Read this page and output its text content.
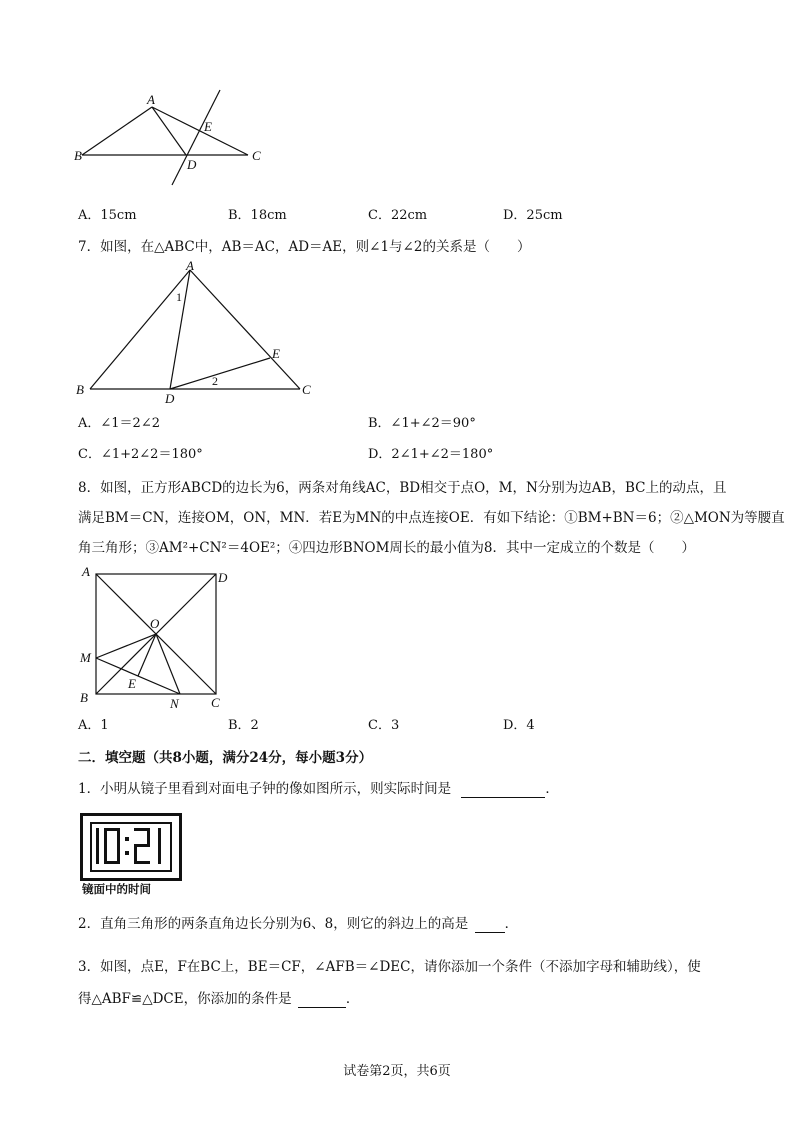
A
B	C
D
E
A．15cm	B．18cm	C．22cm	D．25cm
7．如图，在△ABC中，AB＝AC，AD＝AE，则∠1与∠2的关系是（　　）
A
B	C
D
E
1
2
A．∠1＝2∠2	B．∠1+∠2＝90°
C．∠1+2∠2＝180°	D．2∠1+∠2＝180°
8．如图，正方形ABCD的边长为6，两条对角线AC，BD相交于点O，M，N分别为边AB，BC上的动点，且
满足BM＝CN，连接OM，ON，MN．若E为MN的中点连接OE．有如下结论：①BM+BN＝6；②△MON为等腰直
角三角形；③AM²+CN²＝4OE²；④四边形BNOM周长的最小值为8．其中一定成立的个数是（　　）
A	D
B	C
O
M
N
E
A．1	B．2	C．3	D．4
二．填空题（共8小题，满分24分，每小题3分）
1．小明从镜子里看到对面电子钟的像如图所示，则实际时间是	．
镜面中的时间
2．直角三角形的两条直角边长分别为6、8，则它的斜边上的高是	．
3．如图，点E，F在BC上，BE＝CF，∠AFB＝∠DEC，请你添加一个条件（不添加字母和辅助线），使
得△ABF≌△DCE，你添加的条件是	．
试卷第2页，共6页
